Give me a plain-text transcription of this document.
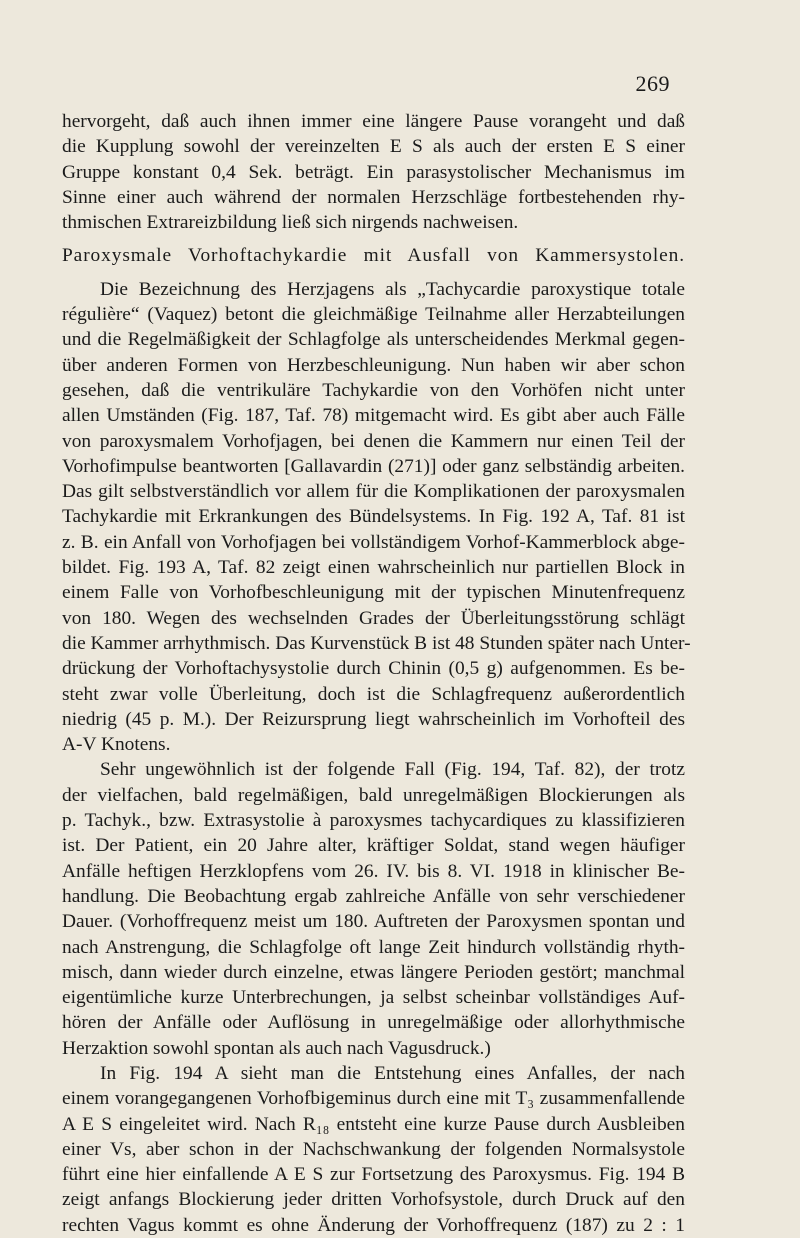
269
hervorgeht, daß auch ihnen immer eine längere Pause vorangeht und daß
die Kupplung sowohl der vereinzelten E S als auch der ersten E S einer
Gruppe konstant 0,4 Sek. beträgt. Ein parasystolischer Mechanismus im
Sinne einer auch während der normalen Herzschläge fortbestehenden rhy-
thmischen Extrareizbildung ließ sich nirgends nachweisen.
Paroxysmale Vorhoftachykardie mit Ausfall von Kammersystolen.
Die Bezeichnung des Herzjagens als „Tachycardie paroxystique totale
régulière“ (Vaquez) betont die gleichmäßige Teilnahme aller Herzabteilungen
und die Regelmäßigkeit der Schlagfolge als unterscheidendes Merkmal gegen-
über anderen Formen von Herzbeschleunigung. Nun haben wir aber schon
gesehen, daß die ventrikuläre Tachykardie von den Vorhöfen nicht unter
allen Umständen (Fig. 187, Taf. 78) mitgemacht wird. Es gibt aber auch Fälle
von paroxysmalem Vorhofjagen, bei denen die Kammern nur einen Teil der
Vorhofimpulse beantworten [Gallavardin (271)] oder ganz selbständig arbeiten.
Das gilt selbstverständlich vor allem für die Komplikationen der paroxysmalen
Tachykardie mit Erkrankungen des Bündelsystems. In Fig. 192 A, Taf. 81 ist
z. B. ein Anfall von Vorhofjagen bei vollständigem Vorhof-Kammerblock abge-
bildet. Fig. 193 A, Taf. 82 zeigt einen wahrscheinlich nur partiellen Block in
einem Falle von Vorhofbeschleunigung mit der typischen Minutenfrequenz
von 180. Wegen des wechselnden Grades der Überleitungsstörung schlägt
die Kammer arrhythmisch. Das Kurvenstück B ist 48 Stunden später nach Unter-
drückung der Vorhoftachysystolie durch Chinin (0,5 g) aufgenommen. Es be-
steht zwar volle Überleitung, doch ist die Schlagfrequenz außerordentlich
niedrig (45 p. M.). Der Reizursprung liegt wahrscheinlich im Vorhofteil des
A-V Knotens.
Sehr ungewöhnlich ist der folgende Fall (Fig. 194, Taf. 82), der trotz
der vielfachen, bald regelmäßigen, bald unregelmäßigen Blockierungen als
p. Tachyk., bzw. Extrasystolie à paroxysmes tachycardiques zu klassifizieren
ist. Der Patient, ein 20 Jahre alter, kräftiger Soldat, stand wegen häufiger
Anfälle heftigen Herzklopfens vom 26. IV. bis 8. VI. 1918 in klinischer Be-
handlung. Die Beobachtung ergab zahlreiche Anfälle von sehr verschiedener
Dauer. (Vorhoffrequenz meist um 180. Auftreten der Paroxysmen spontan und
nach Anstrengung, die Schlagfolge oft lange Zeit hindurch vollständig rhyth-
misch, dann wieder durch einzelne, etwas längere Perioden gestört; manchmal
eigentümliche kurze Unterbrechungen, ja selbst scheinbar vollständiges Auf-
hören der Anfälle oder Auflösung in unregelmäßige oder allorhythmische
Herzaktion sowohl spontan als auch nach Vagusdruck.)
In Fig. 194 A sieht man die Entstehung eines Anfalles, der nach
einem vorangegangenen Vorhofbigeminus durch eine mit T₃ zusammenfallende
A E S eingeleitet wird. Nach R₁₈ entsteht eine kurze Pause durch Ausbleiben
einer Vs, aber schon in der Nachschwankung der folgenden Normalsystole
führt eine hier einfallende A E S zur Fortsetzung des Paroxysmus. Fig. 194 B
zeigt anfangs Blockierung jeder dritten Vorhofsystole, durch Druck auf den
rechten Vagus kommt es ohne Änderung der Vorhoffrequenz (187) zu 2 : 1
